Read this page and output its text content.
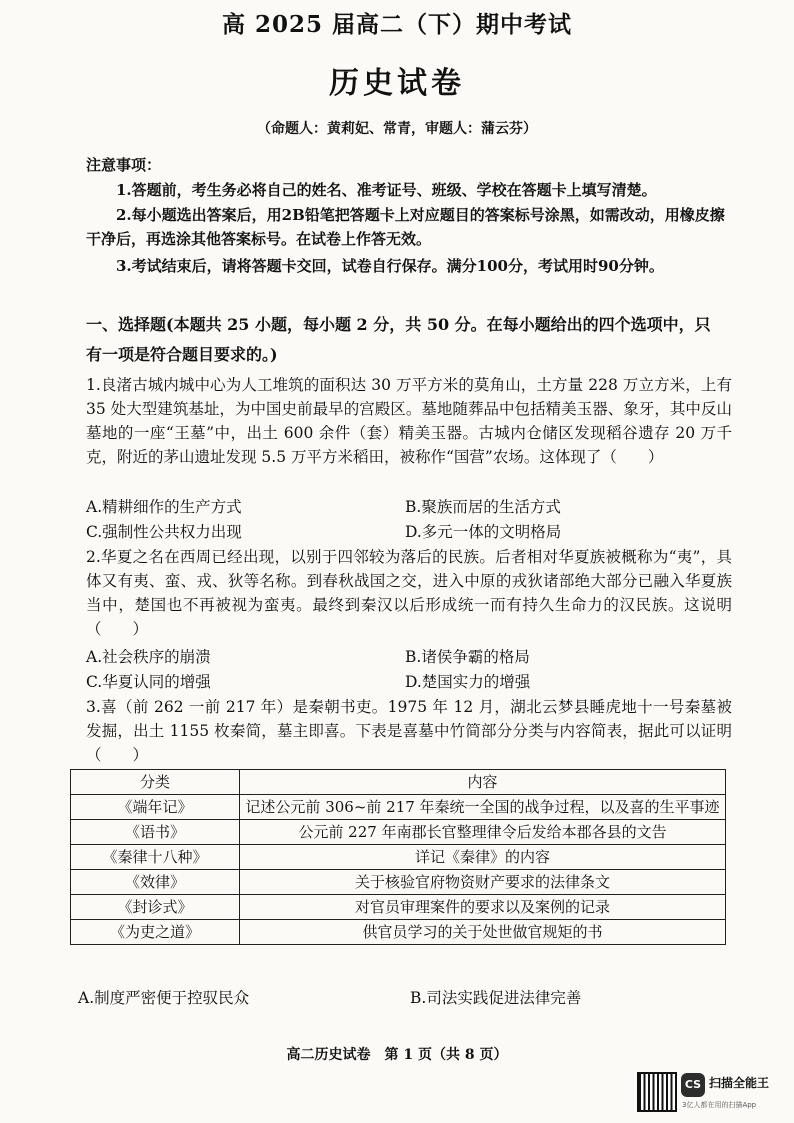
高 2025 届高二（下）期中考试
历史试卷
（命题人：黄莉妃、常青，审题人：蒲云芬）
注意事项：
1.答题前，考生务必将自己的姓名、准考证号、班级、学校在答题卡上填写清楚。
2.每小题选出答案后，用2B铅笔把答题卡上对应题目的答案标号涂黑，如需改动，用橡皮擦干净后，再选涂其他答案标号。在试卷上作答无效。
3.考试结束后，请将答题卡交回，试卷自行保存。满分100分，考试用时90分钟。
一、选择题(本题共 25 小题，每小题 2 分，共 50 分。在每小题给出的四个选项中，只有一项是符合题目要求的。)
1.良渚古城内城中心为人工堆筑的面积达 30 万平方米的莫角山，土方量 228 万立方米，上有 35 处大型建筑基址，为中国史前最早的宫殿区。墓地随葬品中包括精美玉器、象牙，其中反山墓地的一座“王墓”中，出土 600 余件（套）精美玉器。古城内仓储区发现稻谷遗存 20 万千克，附近的茅山遗址发现 5.5 万平方米稻田，被称作“国营”农场。这体现了（　　）
A.精耕细作的生产方式	B.聚族而居的生活方式
C.强制性公共权力出现	D.多元一体的文明格局
2.华夏之名在西周已经出现，以别于四邻较为落后的民族。后者相对华夏族被概称为“夷”，具体又有夷、蛮、戎、狄等名称。到春秋战国之交，进入中原的戎狄诸部绝大部分已融入华夏族当中，楚国也不再被视为蛮夷。最终到秦汉以后形成统一而有持久生命力的汉民族。这说明（　　）
A.社会秩序的崩溃	B.诸侯争霸的格局
C.华夏认同的增强	D.楚国实力的增强
3.喜（前 262 一前 217 年）是秦朝书吏。1975 年 12 月，湖北云梦县睡虎地十一号秦墓被发掘，出土 1155 枚秦简，墓主即喜。下表是喜墓中竹简部分分类与内容简表，据此可以证明（　　）
分类	内容
《端年记》	记述公元前 306~前 217 年秦统一全国的战争过程，以及喜的生平事迹
《语书》	公元前 227 年南郡长官整理律令后发给本郡各县的文告
《秦律十八种》	详记《秦律》的内容
《效律》	关于核验官府物资财产要求的法律条文
《封诊式》	对官员审理案件的要求以及案例的记录
《为吏之道》	供官员学习的关于处世做官规矩的书
A.制度严密便于控驭民众	B.司法实践促进法律完善
高二历史试卷　第 1 页（共 8 页）
CS 扫描全能王
3亿人都在用的扫描App
